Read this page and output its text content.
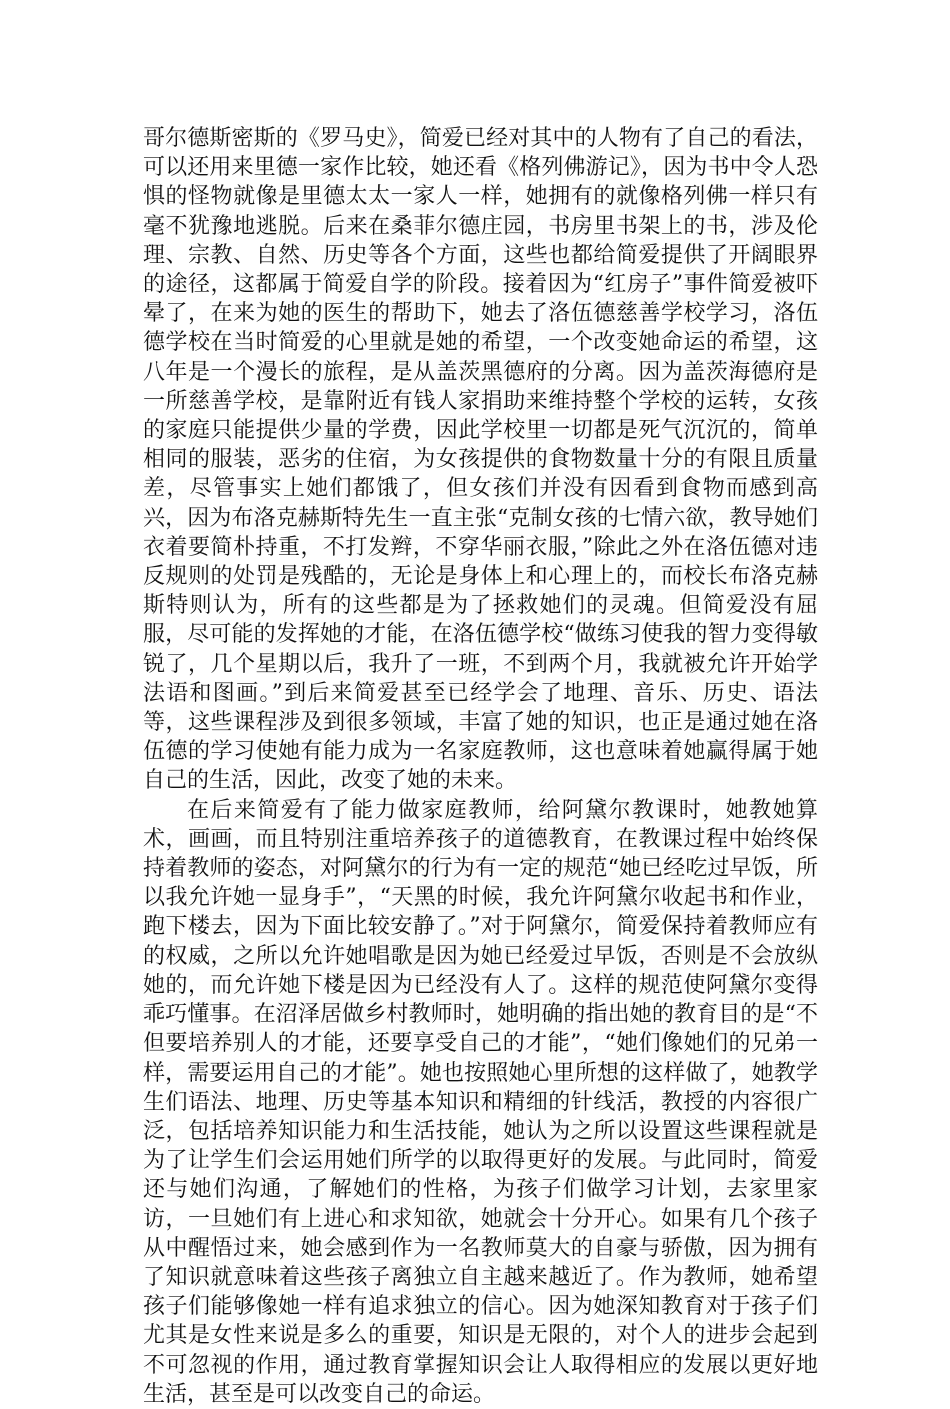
哥尔德斯密斯的《罗马史》，简爱已经对其中的人物有了自己的看法，可以还用来里德一家作比较，她还看《格列佛游记》，因为书中令人恐惧的怪物就像是里德太太一家人一样，她拥有的就像格列佛一样只有毫不犹豫地逃脱。后来在桑菲尔德庄园，书房里书架上的书，涉及伦理、宗教、自然、历史等各个方面，这些也都给简爱提供了开阔眼界的途径，这都属于简爱自学的阶段。接着因为“红房子”事件简爱被吓晕了，在来为她的医生的帮助下，她去了洛伍德慈善学校学习，洛伍德学校在当时简爱的心里就是她的希望，一个改变她命运的希望，这八年是一个漫长的旅程，是从盖茨黑德府的分离。因为盖茨海德府是一所慈善学校，是靠附近有钱人家捐助来维持整个学校的运转，女孩的家庭只能提供少量的学费，因此学校里一切都是死气沉沉的，简单相同的服装，恶劣的住宿，为女孩提供的食物数量十分的有限且质量差，尽管事实上她们都饿了，但女孩们并没有因看到食物而感到高兴，因为布洛克赫斯特先生一直主张“克制女孩的七情六欲，教导她们衣着要简朴持重，不打发辫，不穿华丽衣服，”除此之外在洛伍德对违反规则的处罚是残酷的，无论是身体上和心理上的，而校长布洛克赫斯特则认为，所有的这些都是为了拯救她们的灵魂。但简爱没有屈服，尽可能的发挥她的才能，在洛伍德学校“做练习使我的智力变得敏锐了，几个星期以后，我升了一班，不到两个月，我就被允许开始学法语和图画。”到后来简爱甚至已经学会了地理、音乐、历史、语法等，这些课程涉及到很多领域，丰富了她的知识，也正是通过她在洛伍德的学习使她有能力成为一名家庭教师，这也意味着她赢得属于她自己的生活，因此，改变了她的未来。

在后来简爱有了能力做家庭教师，给阿黛尔教课时，她教她算术，画画，而且特别注重培养孩子的道德教育，在教课过程中始终保持着教师的姿态，对阿黛尔的行为有一定的规范“她已经吃过早饭，所以我允许她一显身手”，“天黑的时候，我允许阿黛尔收起书和作业，跑下楼去，因为下面比较安静了。”对于阿黛尔，简爱保持着教师应有的权威，之所以允许她唱歌是因为她已经爱过早饭，否则是不会放纵她的，而允许她下楼是因为已经没有人了。这样的规范使阿黛尔变得乖巧懂事。在沼泽居做乡村教师时，她明确的指出她的教育目的是“不但要培养别人的才能，还要享受自己的才能”，“她们像她们的兄弟一样，需要运用自己的才能”。她也按照她心里所想的这样做了，她教学生们语法、地理、历史等基本知识和精细的针线活，教授的内容很广泛，包括培养知识能力和生活技能，她认为之所以设置这些课程就是为了让学生们会运用她们所学的以取得更好的发展。与此同时，简爱还与她们沟通，了解她们的性格，为孩子们做学习计划，去家里家访，一旦她们有上进心和求知欲，她就会十分开心。如果有几个孩子从中醒悟过来，她会感到作为一名教师莫大的自豪与骄傲，因为拥有了知识就意味着这些孩子离独立自主越来越近了。作为教师，她希望孩子们能够像她一样有追求独立的信心。因为她深知教育对于孩子们尤其是女性来说是多么的重要，知识是无限的，对个人的进步会起到不可忽视的作用，通过教育掌握知识会让人取得相应的发展以更好地生活，甚至是可以改变自己的命运。
